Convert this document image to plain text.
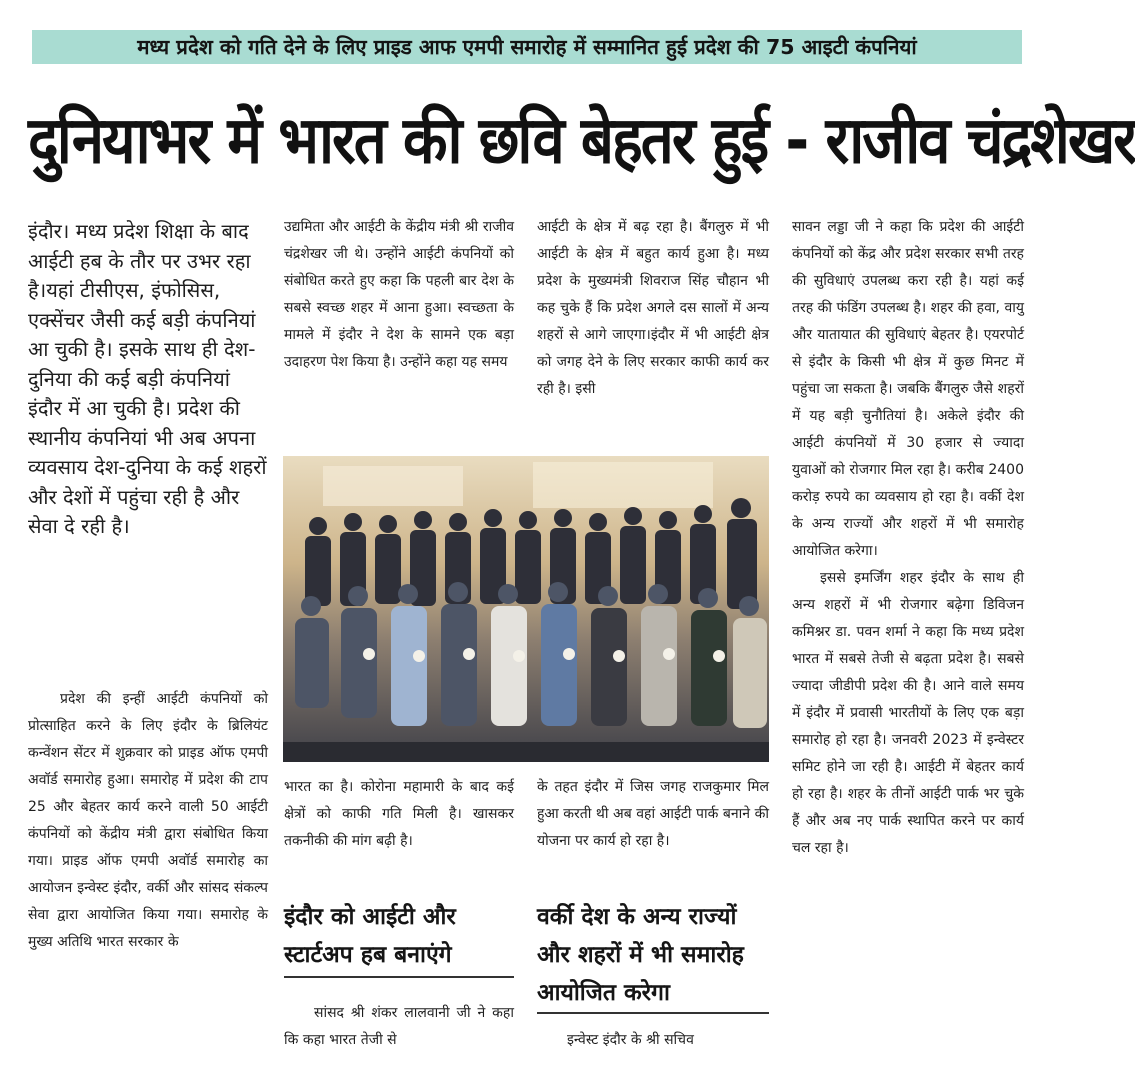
मध्य प्रदेश को गति देने के लिए प्राइड आफ एमपी समारोह में सम्मानित हुई प्रदेश की 75 आइटी कंपनियां
दुनियाभर में भारत की छवि बेहतर हुई - राजीव चंद्रशेखर
इंदौर। मध्य प्रदेश शिक्षा के बाद आईटी हब के तौर पर उभर रहा है।यहां टीसीएस, इंफोसिस, एक्सेंचर जैसी कई बड़ी कंपनियां आ चुकी है। इसके साथ ही देश-दुनिया की कई बड़ी कंपनियां इंदौर में आ चुकी है। प्रदेश की स्थानीय कंपनियां भी अब अपना व्यवसाय देश-दुनिया के कई शहरों और देशों में पहुंचा रही है और सेवा दे रही है।

प्रदेश की इन्हीं आईटी कंपनियों को प्रोत्साहित करने के लिए इंदौर के ब्रिलियंट कन्वेंशन सेंटर में शुक्रवार को प्राइड ऑफ एमपी अवॉर्ड समारोह हुआ। समारोह में प्रदेश की टाप 25 और बेहतर कार्य करने वाली 50 आईटी कंपनियों को केंद्रीय मंत्री द्वारा संबोधित किया गया। प्राइड ऑफ एमपी अवॉर्ड समारोह का आयोजन इन्वेस्ट इंदौर, वर्की और सांसद संकल्प सेवा द्वारा आयोजित किया गया। समारोह के मुख्य अतिथि भारत सरकार के

उद्यमिता और आईटी के केंद्रीय मंत्री श्री राजीव चंद्रशेखर जी थे। उन्होंने आईटी कंपनियों को संबोधित करते हुए कहा कि पहली बार देश के सबसे स्वच्छ शहर में आना हुआ। स्वच्छता के मामले में इंदौर ने देश के सामने एक बड़ा उदाहरण पेश किया है। उन्होंने कहा यह समय

आईटी के क्षेत्र में बढ़ रहा है। बैंगलुरु में भी आईटी के क्षेत्र में बहुत कार्य हुआ है। मध्य प्रदेश के मुख्यमंत्री शिवराज सिंह चौहान भी कह चुके हैं कि प्रदेश अगले दस सालों में अन्य शहरों से आगे जाएगा।इंदौर में भी आईटी क्षेत्र को जगह देने के लिए सरकार काफी कार्य कर रही है। इसी

सावन लड्डा जी ने कहा कि प्रदेश की आईटी कंपनियों को केंद्र और प्रदेश सरकार सभी तरह की सुविधाएं उपलब्ध करा रही है। यहां कई तरह की फंडिंग उपलब्ध है। शहर की हवा, वायु और यातायात की सुविधाएं बेहतर है। एयरपोर्ट से इंदौर के किसी भी क्षेत्र में कुछ मिनट में पहुंचा जा सकता है। जबकि बैंगलुरु जैसे शहरों में यह बड़ी चुनौतियां है। अकेले इंदौर की आईटी कंपनियों में 30 हजार से ज्यादा युवाओं को रोजगार मिल रहा है। करीब 2400 करोड़ रुपये का व्यवसाय हो रहा है। वर्की देश के अन्य राज्यों और शहरों में भी समारोह आयोजित करेगा।

इससे इमर्जिंग शहर इंदौर के साथ ही अन्य शहरों में भी रोजगार बढ़ेगा डिविजन कमिश्नर डा. पवन शर्मा ने कहा कि मध्य प्रदेश भारत में सबसे तेजी से बढ़ता प्रदेश है। सबसे ज्यादा जीडीपी प्रदेश की है। आने वाले समय में इंदौर में प्रवासी भारतीयों के लिए एक बड़ा समारोह हो रहा है। जनवरी 2023 में इन्वेस्टर समिट होने जा रही है। आईटी में बेहतर कार्य हो रहा है। शहर के तीनों आईटी पार्क भर चुके हैं और अब नए पार्क स्थापित करने पर कार्य चल रहा है।

भारत का है। कोरोना महामारी के बाद कई क्षेत्रों को काफी गति मिली है। खासकर तकनीकी की मांग बढ़ी है।

के तहत इंदौर में जिस जगह राजकुमार मिल हुआ करती थी अब वहां आईटी पार्क बनाने की योजना पर कार्य हो रहा है।

इंदौर को आईटी और
स्टार्टअप हब बनाएंगे
वर्की देश के अन्य राज्यों
और शहरों में भी समारोह
आयोजित करेगा

सांसद श्री शंकर लालवानी जी ने कहा कि कहा भारत तेजी से	इन्वेस्ट इंदौर के श्री सचिव
